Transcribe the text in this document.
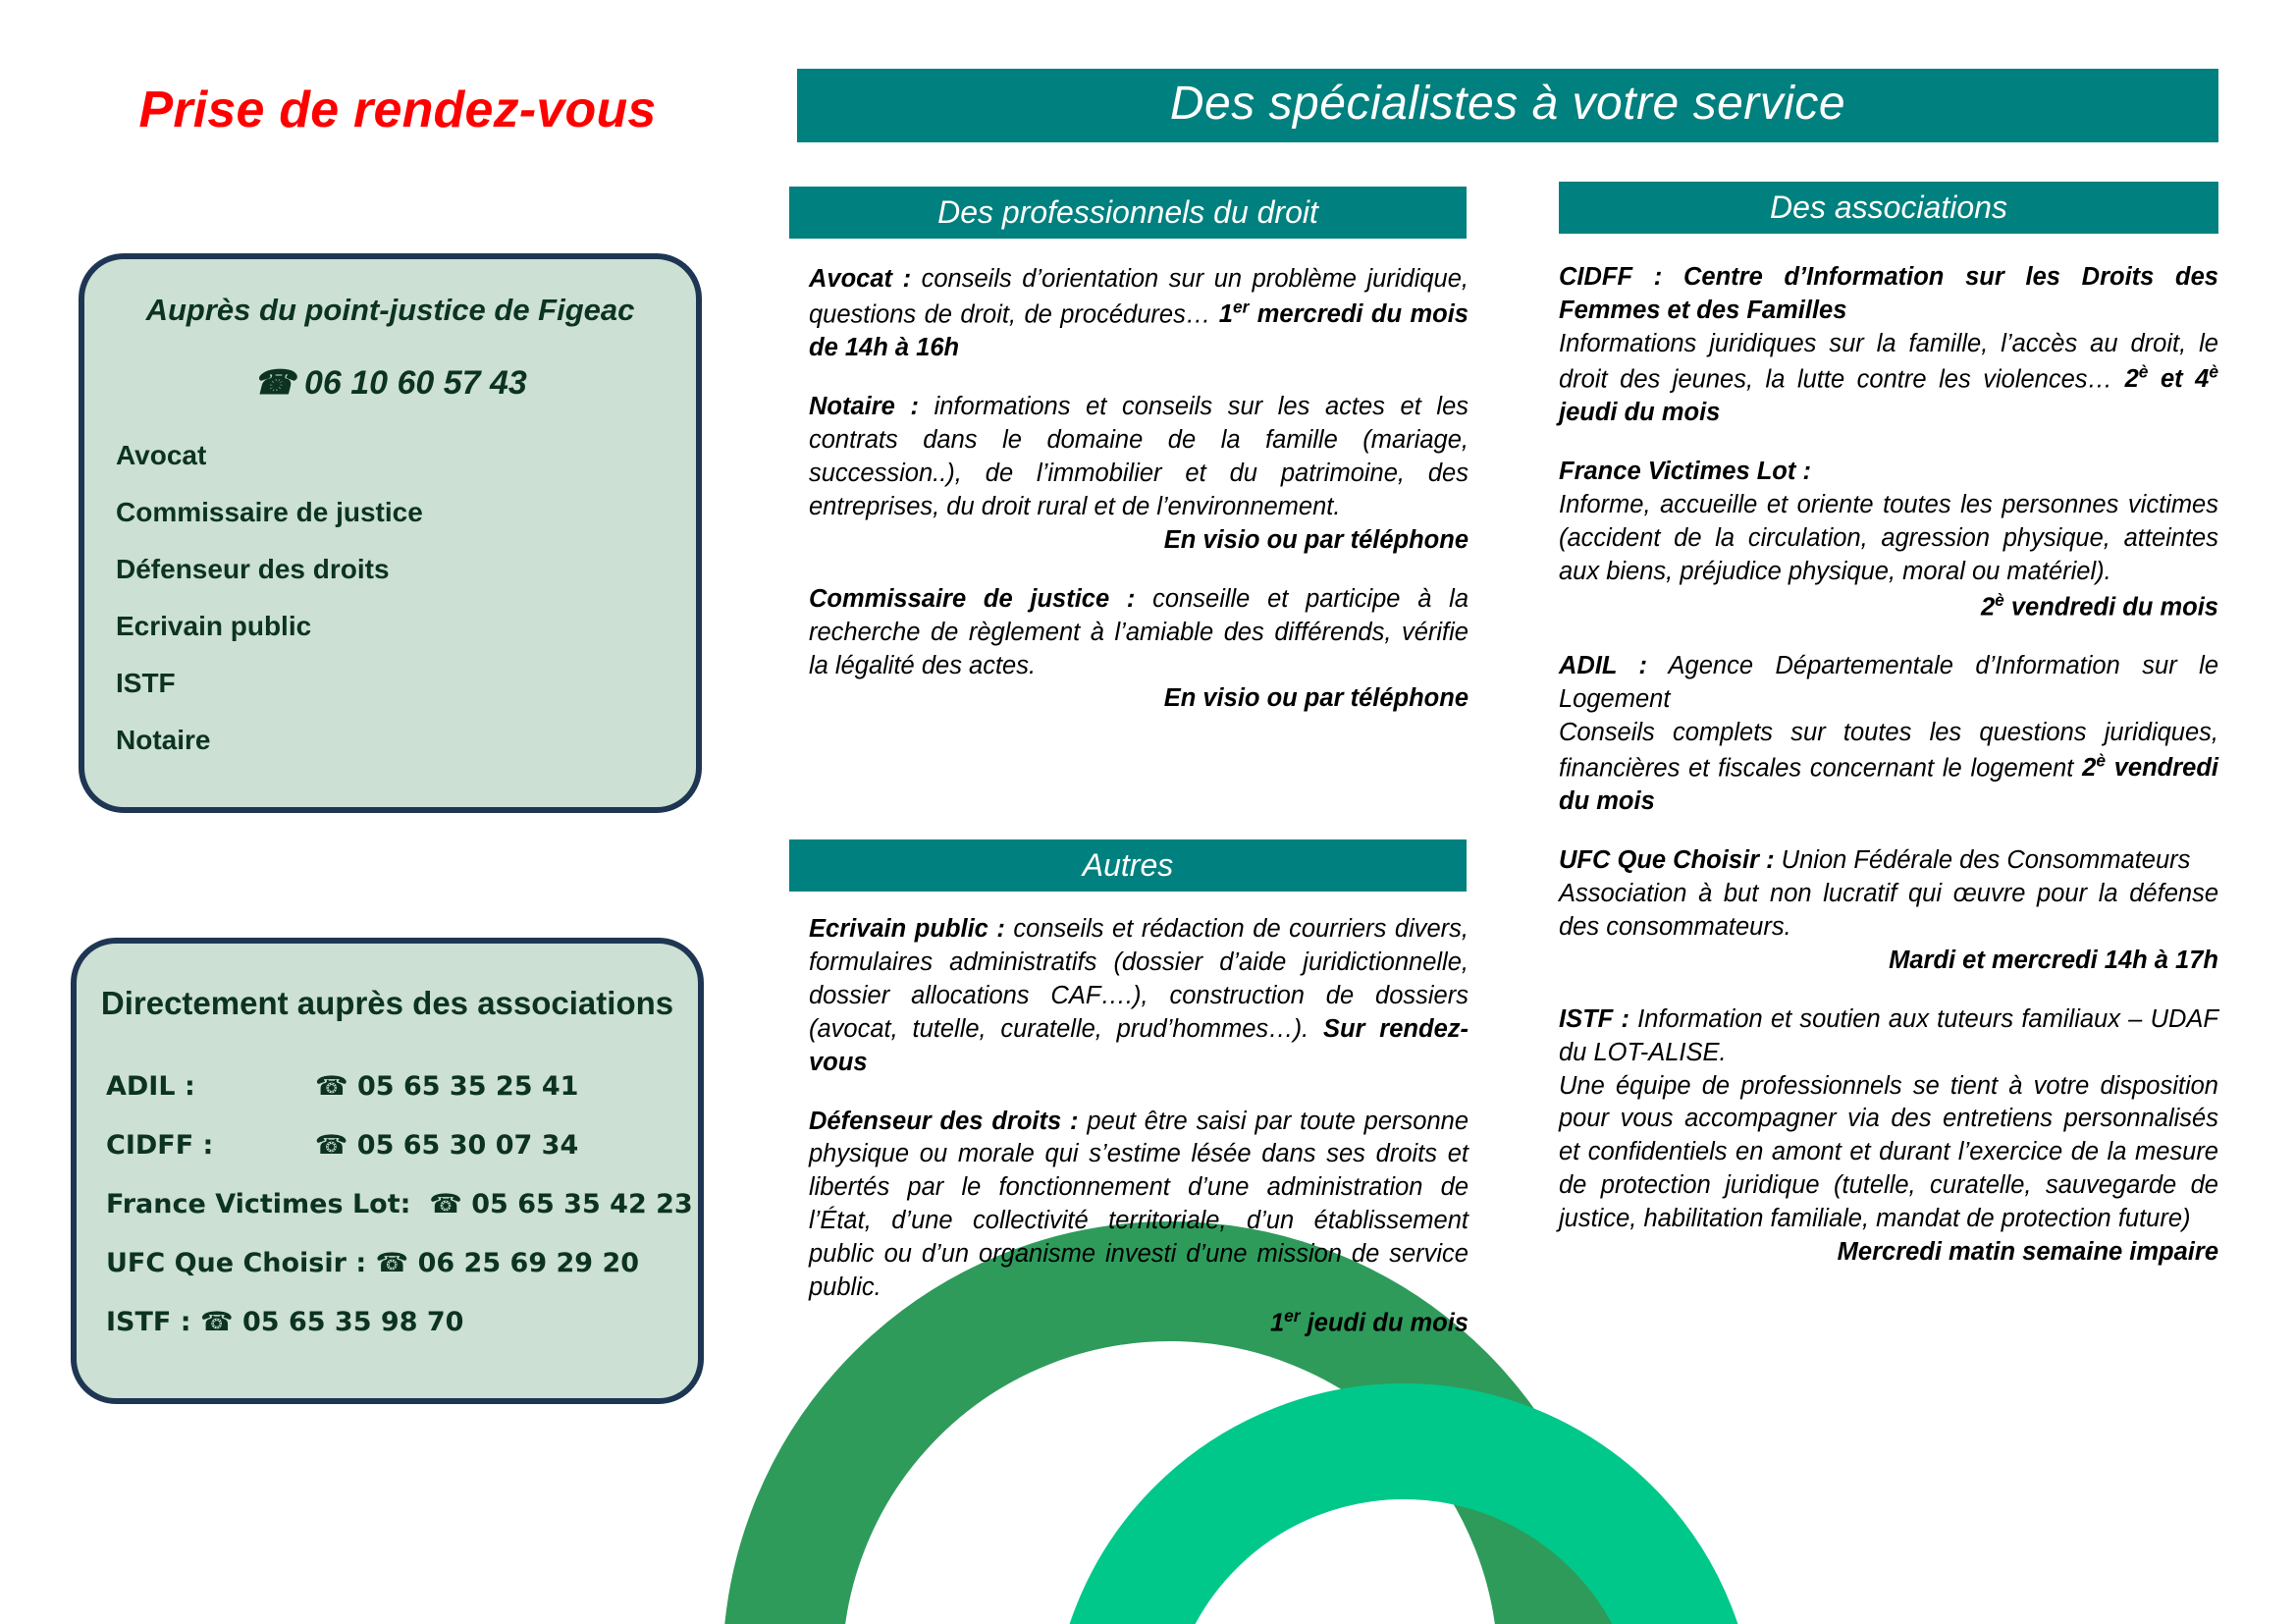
Prise de rendez-vous
Auprès du point-justice de Figeac
☎ 06 10 60 57 43
Avocat
Commissaire de justice
Défenseur des droits
Ecrivain public
ISTF
Notaire
Directement auprès des associations
ADIL :             ☎ 05 65 35 25 41
CIDFF :           ☎ 05 65 30 07 34
France Victimes Lot:  ☎ 05 65 35 42 23
UFC Que Choisir : ☎ 06 25 69 29 20
ISTF : ☎ 05 65 35 98 70
Des spécialistes à votre service
Des professionnels du droit
Autres
Des associations

Avocat : conseils d’orientation sur un problème juridique, questions de droit, de procédures… 1er mercredi du mois de 14h à 16h

Notaire : informations et conseils sur les actes et les contrats dans le domaine de la famille (mariage, succession..), de l’immobilier et du patrimoine, des entreprises, du droit rural et de l’environnement.
En visio ou par téléphone

Commissaire de justice : conseille et participe à la recherche de règlement à l’amiable des différends, vérifie la légalité des actes.
En visio ou par téléphone

Ecrivain public : conseils et rédaction de courriers divers, formulaires administratifs (dossier d’aide juridictionnelle, dossier allocations CAF….), construction de dossiers (avocat, tutelle, curatelle, prud’hommes…). Sur rendez-vous

Défenseur des droits : peut être saisi par toute personne physique ou morale qui s’estime lésée dans ses droits et libertés par le fonctionnement d’une administration de l’État, d’une collectivité territoriale, d’un établissement public ou d’un organisme investi d’une mission de service public.
1er jeudi du mois

CIDFF : Centre d’Information sur les Droits des Femmes et des Familles
Informations juridiques sur la famille, l’accès au droit, le droit des jeunes, la lutte contre les violences… $2^è$ et $4^è$ jeudi du mois

France Victimes Lot :
Informe, accueille et oriente toutes les personnes victimes (accident de la circulation, agression physique, atteintes aux biens, préjudice physique, moral ou matériel).
$2^è$ vendredi du mois

ADIL : Agence Départementale d’Information sur le Logement
Conseils complets sur toutes les questions juridiques, financières et fiscales concernant le logement $2^è$ vendredi du mois

UFC Que Choisir : Union Fédérale des Consommateurs
Association à but non lucratif qui œuvre pour la défense des consommateurs.
Mardi et mercredi 14h à 17h

ISTF : Information et soutien aux tuteurs familiaux – UDAF du LOT-ALISE.
Une équipe de professionnels se tient à votre disposition pour vous accompagner via des entretiens personnalisés et confidentiels en amont et durant l’exercice de la mesure de protection juridique (tutelle, curatelle, sauvegarde de justice, habilitation familiale, mandat de protection future)
Mercredi matin semaine impaire
